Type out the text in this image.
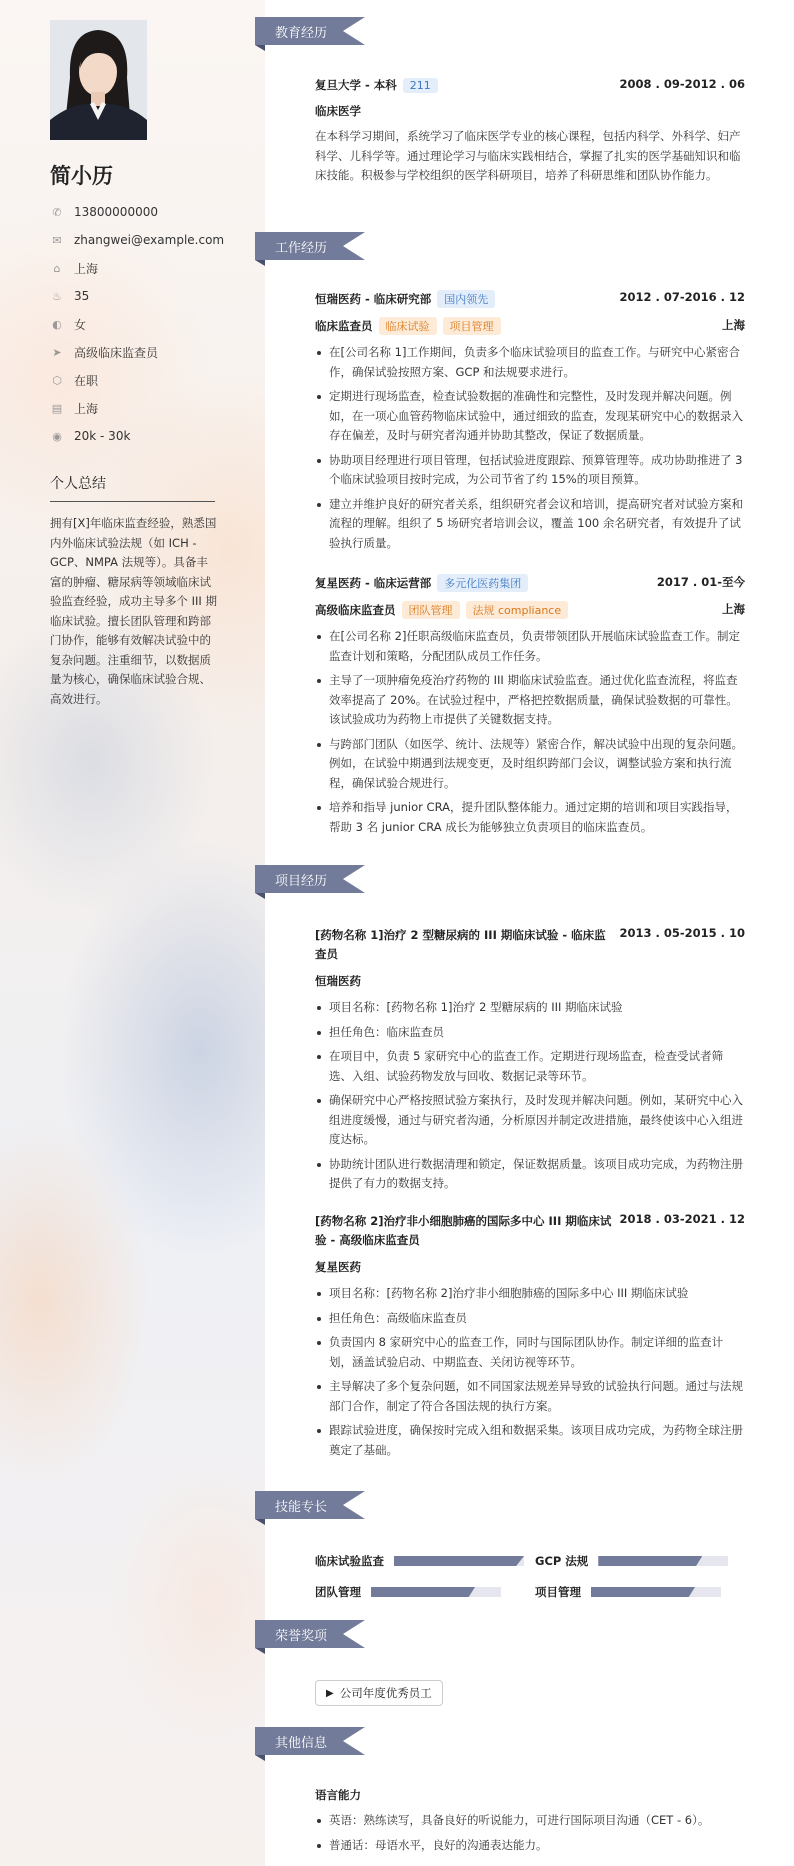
简小历
✆ 13800000000
✉ zhangwei@example.com
⌂ 上海
♨ 35
◐ 女
➤ 高级临床监查员
⬡ 在职
▤ 上海
◉ 20k - 30k
个人总结
拥有[X]年临床监查经验，熟悉国内外临床试验法规（如 ICH - GCP、NMPA 法规等）。具备丰富的肿瘤、糖尿病等领域临床试验监查经验，成功主导多个 III 期临床试验。擅长团队管理和跨部门协作，能够有效解决试验中的复杂问题。注重细节，以数据质量为核心，确保临床试验合规、高效进行。
教育经历
工作经历
项目经历
技能专长
荣誉奖项
其他信息
复旦大学 - 本科 211	2008 . 09-2012 . 06
临床医学
在本科学习期间，系统学习了临床医学专业的核心课程，包括内科学、外科学、妇产科学、儿科学等。通过理论学习与临床实践相结合，掌握了扎实的医学基础知识和临床技能。积极参与学校组织的医学科研项目，培养了科研思维和团队协作能力。
恒瑞医药 - 临床研究部 国内领先	2012 . 07-2016 . 12
临床监查员 临床试验 项目管理	上海
在[公司名称 1]工作期间，负责多个临床试验项目的监查工作。与研究中心紧密合作，确保试验按照方案、GCP 和法规要求进行。
定期进行现场监查，检查试验数据的准确性和完整性，及时发现并解决问题。例如，在一项心血管药物临床试验中，通过细致的监查，发现某研究中心的数据录入存在偏差，及时与研究者沟通并协助其整改，保证了数据质量。
协助项目经理进行项目管理，包括试验进度跟踪、预算管理等。成功协助推进了 3 个临床试验项目按时完成，为公司节省了约 15%的项目预算。
建立并维护良好的研究者关系，组织研究者会议和培训，提高研究者对试验方案和流程的理解。组织了 5 场研究者培训会议，覆盖 100 余名研究者，有效提升了试验执行质量。
复星医药 - 临床运营部 多元化医药集团	2017 . 01-至今
高级临床监查员 团队管理 法规 compliance	上海
在[公司名称 2]任职高级临床监查员，负责带领团队开展临床试验监查工作。制定监查计划和策略，分配团队成员工作任务。
主导了一项肿瘤免疫治疗药物的 III 期临床试验监查。通过优化监查流程，将监查效率提高了 20%。在试验过程中，严格把控数据质量，确保试验数据的可靠性。该试验成功为药物上市提供了关键数据支持。
与跨部门团队（如医学、统计、法规等）紧密合作，解决试验中出现的复杂问题。例如，在试验中期遇到法规变更，及时组织跨部门会议，调整试验方案和执行流程，确保试验合规进行。
培养和指导 junior CRA，提升团队整体能力。通过定期的培训和项目实践指导，帮助 3 名 junior CRA 成长为能够独立负责项目的临床监查员。
[药物名称 1]治疗 2 型糖尿病的 III 期临床试验 - 临床监查员
2013 . 05-2015 . 10
恒瑞医药
项目名称：[药物名称 1]治疗 2 型糖尿病的 III 期临床试验
担任角色：临床监查员
在项目中，负责 5 家研究中心的监查工作。定期进行现场监查，检查受试者筛选、入组、试验药物发放与回收、数据记录等环节。
确保研究中心严格按照试验方案执行，及时发现并解决问题。例如，某研究中心入组进度缓慢，通过与研究者沟通，分析原因并制定改进措施，最终使该中心入组进度达标。
协助统计团队进行数据清理和锁定，保证数据质量。该项目成功完成，为药物注册提供了有力的数据支持。
[药物名称 2]治疗非小细胞肺癌的国际多中心 III 期临床试验 - 高级临床监查员
2018 . 03-2021 . 12
复星医药
项目名称：[药物名称 2]治疗非小细胞肺癌的国际多中心 III 期临床试验
担任角色：高级临床监查员
负责国内 8 家研究中心的监查工作，同时与国际团队协作。制定详细的监查计划，涵盖试验启动、中期监查、关闭访视等环节。
主导解决了多个复杂问题，如不同国家法规差异导致的试验执行问题。通过与法规部门合作，制定了符合各国法规的执行方案。
跟踪试验进度，确保按时完成入组和数据采集。该项目成功完成，为药物全球注册奠定了基础。
临床试验监查	GCP 法规
团队管理	项目管理
▶ 公司年度优秀员工
语言能力
英语：熟练读写，具备良好的听说能力，可进行国际项目沟通（CET - 6）。
普通话：母语水平，良好的沟通表达能力。
